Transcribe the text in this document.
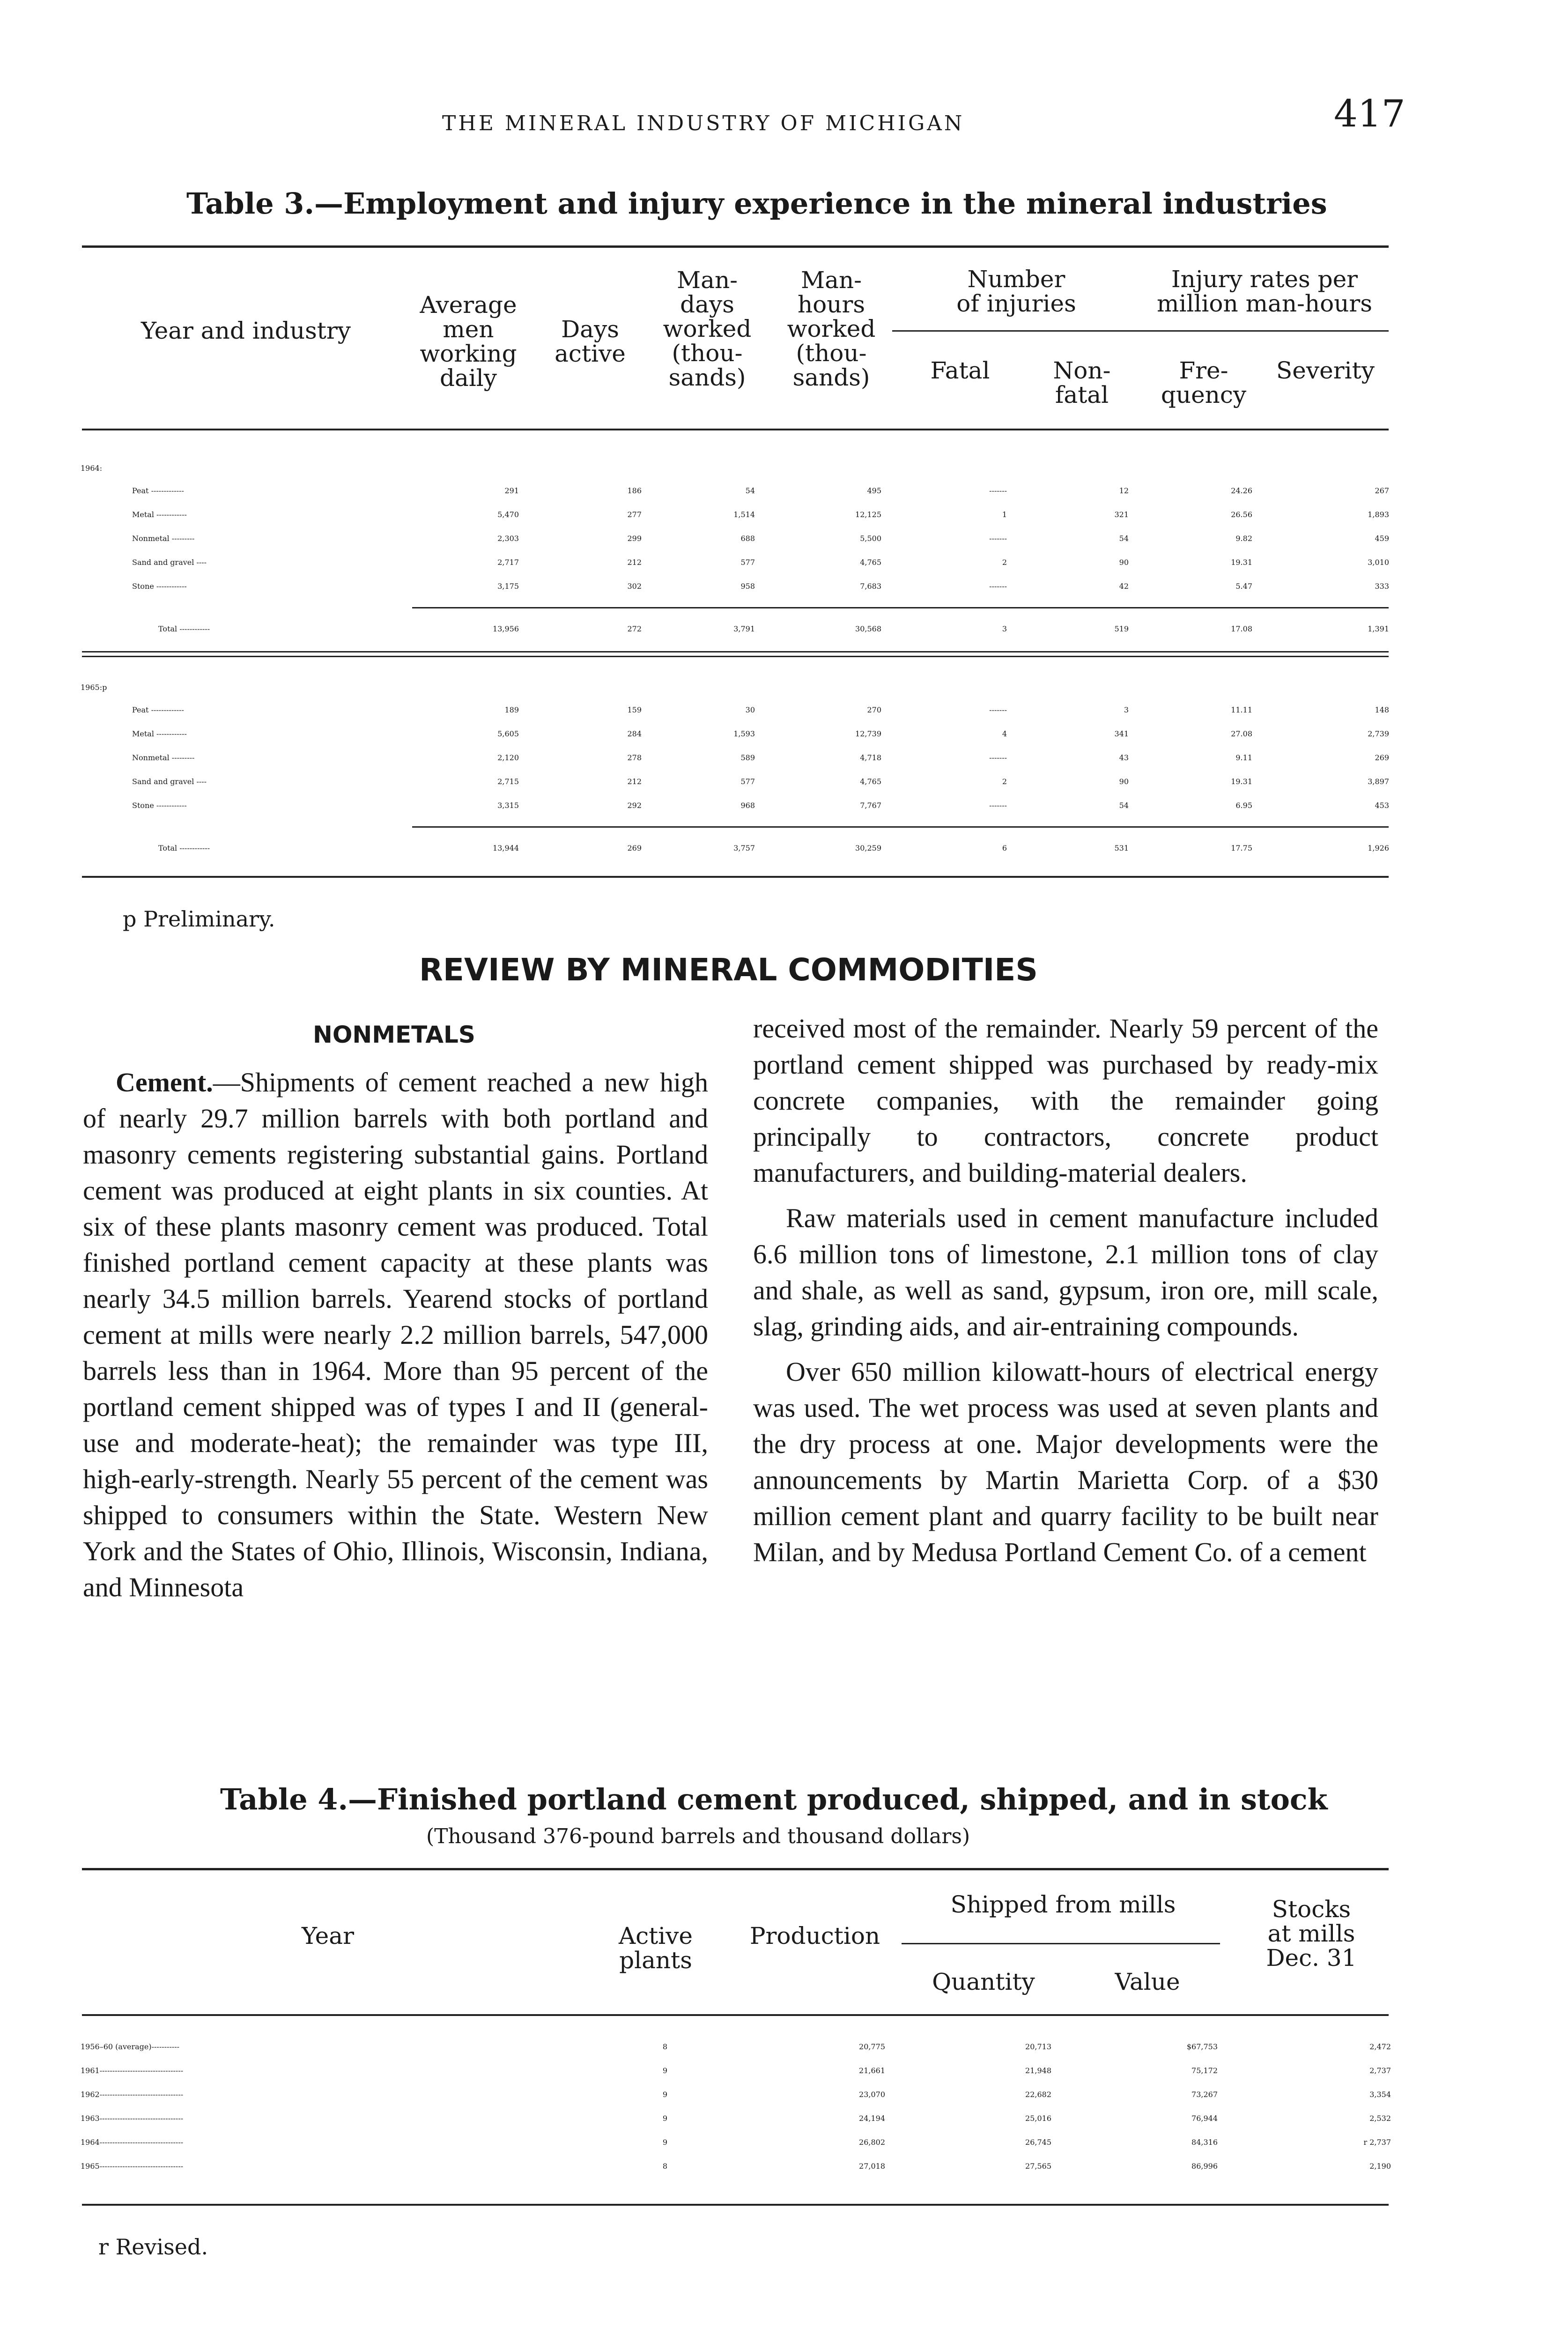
THE MINERAL INDUSTRY OF MICHIGAN	417
Table 3.—Employment and injury experience in the mineral industries
Year and industry
Average
men
working
daily
Days
active
Man-
days
worked
(thou-
sands)
Man-
hours
worked
(thou-
sands)
Number
of injuries
Injury rates per
million man-hours
Fatal	Non-
fatal
Fre-
quency
Severity
1964:
Peat -------------	291	186	54	495	-------	12	24.26	267
Metal ------------	5,470	277	1,514	12,125	1	321	26.56	1,893
Nonmetal ---------	2,303	299	688	5,500	-------	54	9.82	459
Sand and gravel ----	2,717	212	577	4,765	2	90	19.31	3,010
Stone ------------	3,175	302	958	7,683	-------	42	5.47	333
Total ------------	13,956	272	3,791	30,568	3	519	17.08	1,391
1965:p
Peat -------------	189	159	30	270	-------	3	11.11	148
Metal ------------	5,605	284	1,593	12,739	4	341	27.08	2,739
Nonmetal ---------	2,120	278	589	4,718	-------	43	9.11	269
Sand and gravel ----	2,715	212	577	4,765	2	90	19.31	3,897
Stone ------------	3,315	292	968	7,767	-------	54	6.95	453
Total ------------	13,944	269	3,757	30,259	6	531	17.75	1,926
p Preliminary.
REVIEW BY MINERAL COMMODITIES
NONMETALS

Cement.—Shipments of cement reached a new high of nearly 29.7 million barrels with both portland and masonry cements registering substantial gains. Portland cement was produced at eight plants in six counties. At six of these plants masonry cement was produced. Total finished portland cement capacity at these plants was nearly 34.5 million barrels. Yearend stocks of portland cement at mills were nearly 2.2 million barrels, 547,000 barrels less than in 1964. More than 95 percent of the portland cement shipped was of types I and II (general-use and moderate-heat); the remainder was type III, high-early-strength. Nearly 55 percent of the cement was shipped to consumers within the State. Western New York and the States of Ohio, Illinois, Wisconsin, Indiana, and Minnesota

received most of the remainder. Nearly 59 percent of the portland cement shipped was purchased by ready-mix concrete companies, with the remainder going principally to contractors, concrete product manufacturers, and building-material dealers.

Raw materials used in cement manufacture included 6.6 million tons of limestone, 2.1 million tons of clay and shale, as well as sand, gypsum, iron ore, mill scale, slag, grinding aids, and air-entraining compounds.

Over 650 million kilowatt-hours of electrical energy was used. The wet process was used at seven plants and the dry process at one. Major developments were the announcements by Martin Marietta Corp. of a $30 million cement plant and quarry facility to be built near Milan, and by Medusa Portland Cement Co. of a cement

Table 4.—Finished portland cement produced, shipped, and in stock
(Thousand 376-pound barrels and thousand dollars)
Year	Active
plants
Production
Shipped from mills
Quantity	Value
Stocks
at mills
Dec. 31
1956–60 (average)-----------	8	20,775	20,713	$67,753	2,472
1961---------------------------------	9	21,661	21,948	75,172	2,737
1962---------------------------------	9	23,070	22,682	73,267	3,354
1963---------------------------------	9	24,194	25,016	76,944	2,532
1964---------------------------------	9	26,802	26,745	84,316	r 2,737
1965---------------------------------	8	27,018	27,565	86,996	2,190
r Revised.
